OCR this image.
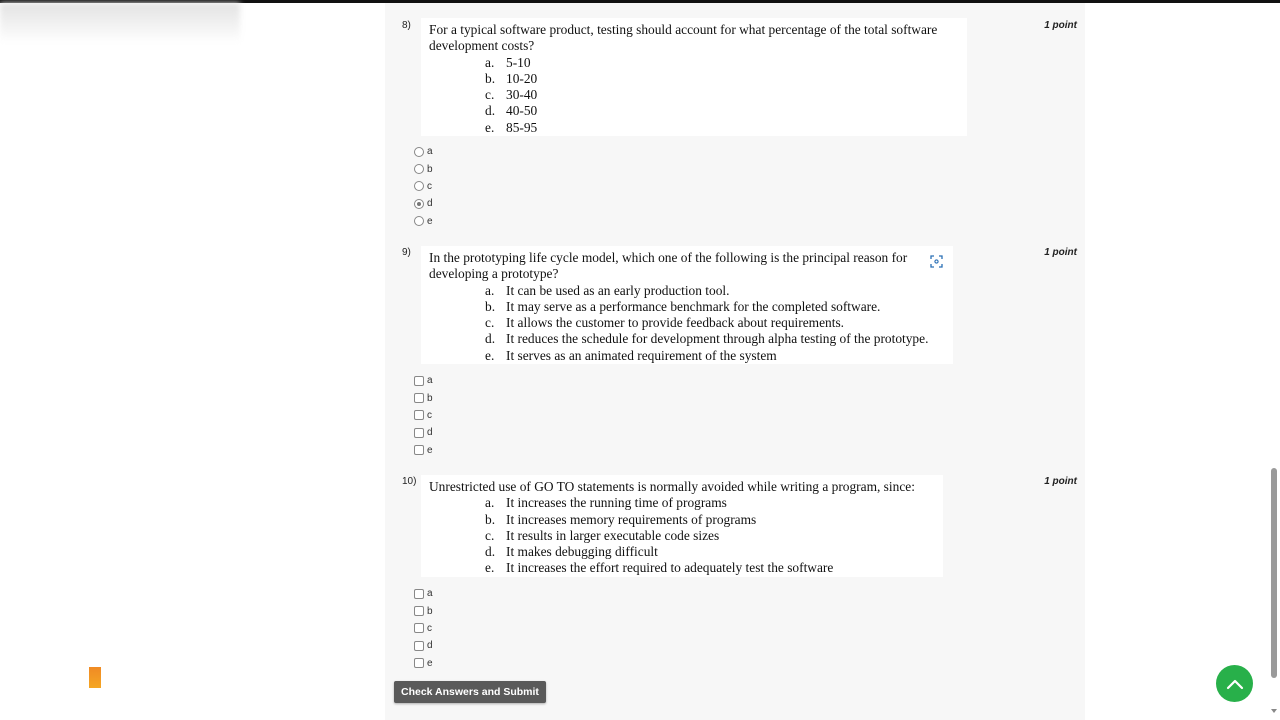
8)	1 point
For a typical software product, testing should account for what percentage of the total software
development costs?
a. 5-10
b. 10-20
c. 30-40
d. 40-50
e. 85-95
a
b
c
d
e
9)	1 point
In the prototyping life cycle model, which one of the following is the principal reason for
developing a prototype?
a. It can be used as an early production tool.
b. It may serve as a performance benchmark for the completed software.
c. It allows the customer to provide feedback about requirements.
d. It reduces the schedule for development through alpha testing of the prototype.
e. It serves as an animated requirement of the system
a
b
c
d
e
10)	1 point
Unrestricted use of GO TO statements is normally avoided while writing a program, since:
a. It increases the running time of programs
b. It increases memory requirements of programs
c. It results in larger executable code sizes
d. It makes debugging difficult
e. It increases the effort required to adequately test the software
a
b
c
d
e
Check Answers and Submit
